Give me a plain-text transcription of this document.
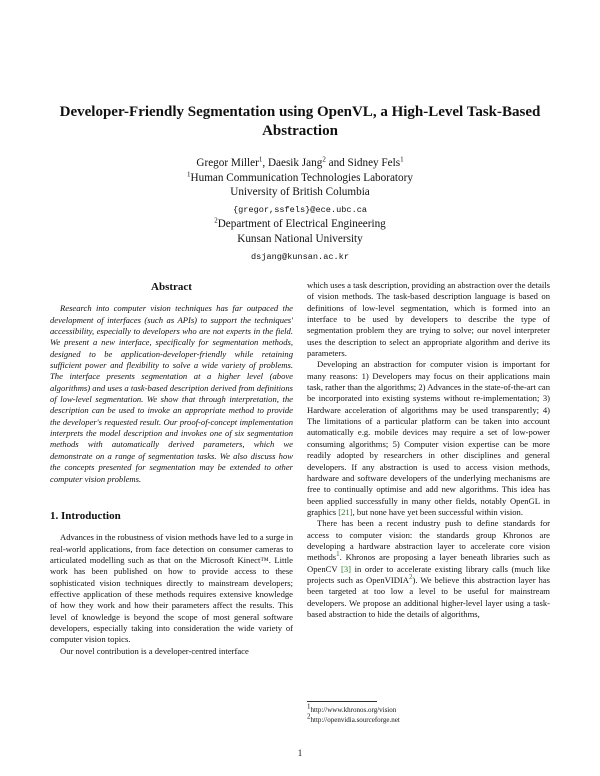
Developer-Friendly Segmentation using OpenVL, a High-Level Task-Based
Abstraction
Gregor Miller$^1$, Daesik Jang$^2$ and Sidney Fels$^1$
$^1$Human Communication Technologies Laboratory
University of British Columbia
{gregor,ssfels}@ece.ubc.ca
$^2$Department of Electrical Engineering
Kunsan National University
dsjang@kunsan.ac.kr
Abstract

Research into computer vision techniques has far outpaced the development of interfaces (such as APIs) to support the techniques' accessibility, especially to developers who are not experts in the field. We present a new interface, specifically for segmentation methods, designed to be application-developer-friendly while retaining sufficient power and flexibility to solve a wide variety of problems. The interface presents segmentation at a higher level (above algorithms) and uses a task-based description derived from definitions of low-level segmentation. We show that through interpretation, the description can be used to invoke an appropriate method to provide the developer's requested result. Our proof-of-concept implementation interprets the model description and invokes one of six segmentation methods with automatically derived parameters, which we demonstrate on a range of segmentation tasks. We also discuss how the concepts presented for segmentation may be extended to other computer vision problems.

1. Introduction

Advances in the robustness of vision methods have led to a surge in real-world applications, from face detection on consumer cameras to articulated modelling such as that on the Microsoft Kinect™. Little work has been published on how to provide access to these sophisticated vision techniques directly to mainstream developers; effective application of these methods requires extensive knowledge of how they work and how their parameters affect the results. This level of knowledge is beyond the scope of most general software developers, especially taking into consideration the wide variety of computer vision topics.

Our novel contribution is a developer-centred interface

which uses a task description, providing an abstraction over the details of vision methods. The task-based description language is based on definitions of low-level segmentation, which is formed into an interface to be used by developers to describe the type of segmentation problem they are trying to solve; our novel interpreter uses the description to select an appropriate algorithm and derive its parameters.

Developing an abstraction for computer vision is important for many reasons: 1) Developers may focus on their applications main task, rather than the algorithms; 2) Advances in the state-of-the-art can be incorporated into existing systems without re-implementation; 3) Hardware acceleration of algorithms may be used transparently; 4) The limitations of a particular platform can be taken into account automatically e.g. mobile devices may require a set of low-power consuming algorithms; 5) Computer vision expertise can be more readily adopted by researchers in other disciplines and general developers. If any abstraction is used to access vision methods, hardware and software developers of the underlying mechanisms are free to continually optimise and add new algorithms. This idea has been applied successfully in many other fields, notably OpenGL in graphics [21], but none have yet been successful within vision.

There has been a recent industry push to define standards for access to computer vision: the standards group Khronos are developing a hardware abstraction layer to accelerate core vision methods$^1$. Khronos are proposing a layer beneath libraries such as OpenCV [3] in order to accelerate existing library calls (much like projects such as OpenVIDIA$^2$). We believe this abstraction layer has been targeted at too low a level to be useful for mainstream developers. We propose an additional higher-level layer using a task-based abstraction to hide the details of algorithms,

$^1$http://www.khronos.org/vision
$^2$http://openvidia.sourceforge.net
1
